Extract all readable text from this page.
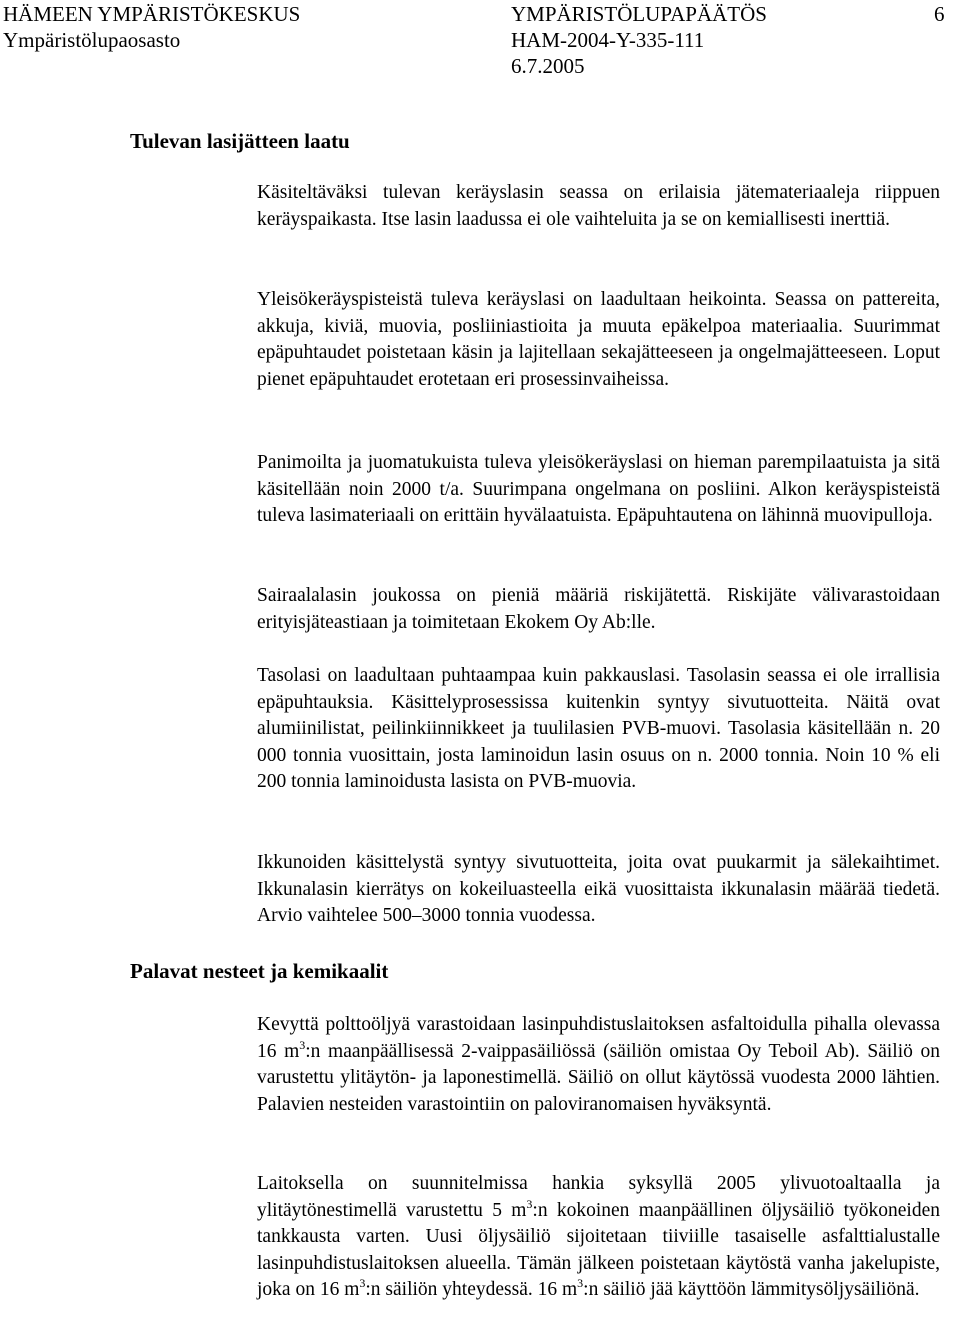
HÄMEEN YMPÄRISTÖKESKUS
Ympäristölupaosasto
YMPÄRISTÖLUPAPÄÄTÖS
HAM-2004-Y-335-111
6.7.2005
6
Tulevan lasijätteen laatu

Käsiteltäväksi tulevan keräyslasin seassa on erilaisia jätemateriaaleja riippuen keräyspaikasta. Itse lasin laadussa ei ole vaihteluita ja se on kemiallisesti inerttiä.

Yleisökeräyspisteistä tuleva keräyslasi on laadultaan heikointa. Seassa on pattereita, akkuja, kiviä, muovia, posliiniastioita ja muuta epäkelpoa materiaalia. Suurimmat epäpuhtaudet poistetaan käsin ja lajitellaan sekajätteeseen ja ongelmajätteeseen. Loput pienet epäpuhtaudet erotetaan eri prosessinvaiheissa.

Panimoilta ja juomatukuista tuleva yleisökeräyslasi on hieman parempilaatuista ja sitä käsitellään noin 2000 t/a. Suurimpana ongelmana on posliini. Alkon keräyspisteistä tuleva lasimateriaali on erittäin hyvälaatuista. Epäpuhtautena on lähinnä muovipulloja.

Sairaalalasin joukossa on pieniä määriä riskijätettä. Riskijäte välivarastoidaan erityisjäteastiaan ja toimitetaan Ekokem Oy Ab:lle.

Tasolasi on laadultaan puhtaampaa kuin pakkauslasi. Tasolasin seassa ei ole irrallisia epäpuhtauksia. Käsittelyprosessissa kuitenkin syntyy sivutuotteita. Näitä ovat alumiinilistat, peilinkiinnikkeet ja tuulilasien PVB-muovi. Tasolasia käsitellään n. 20 000 tonnia vuosittain, josta laminoidun lasin osuus on n. 2000 tonnia. Noin 10 % eli 200 tonnia laminoidusta lasista on PVB-muovia.

Ikkunoiden käsittelystä syntyy sivutuotteita, joita ovat puukarmit ja sälekaihtimet. Ikkunalasin kierrätys on kokeiluasteella eikä vuosittaista ikkunalasin määrää tiedetä. Arvio vaihtelee 500–3000 tonnia vuodessa.

Palavat nesteet ja kemikaalit

Kevyttä polttoöljyä varastoidaan lasinpuhdistuslaitoksen asfaltoidulla pihalla olevassa 16 $m^3:n$ maanpäällisessä 2-vaippasäiliössä (säiliön omistaa Oy Teboil Ab). Säiliö on varustettu ylitäytön- ja laponestimellä. Säiliö on ollut käytössä vuodesta 2000 lähtien. Palavien nesteiden varastointiin on paloviranomaisen hyväksyntä.

Laitoksella on suunnitelmissa hankia syksyllä 2005 ylivuotoaltaalla ja ylitäytönestimellä varustettu 5 $m^3:n$ kokoinen maanpäällinen öljysäiliö työkoneiden tankkausta varten. Uusi öljysäiliö sijoitetaan tiiviille tasaiselle asfalttialustalle lasinpuhdistuslaitoksen alueella. Tämän jälkeen poistetaan käytöstä vanha jakelupiste, joka on 16 $m^3:n$ säiliön yhteydessä. 16 $m^3:n$ säiliö jää käyttöön lämmitysöljysäiliönä.
